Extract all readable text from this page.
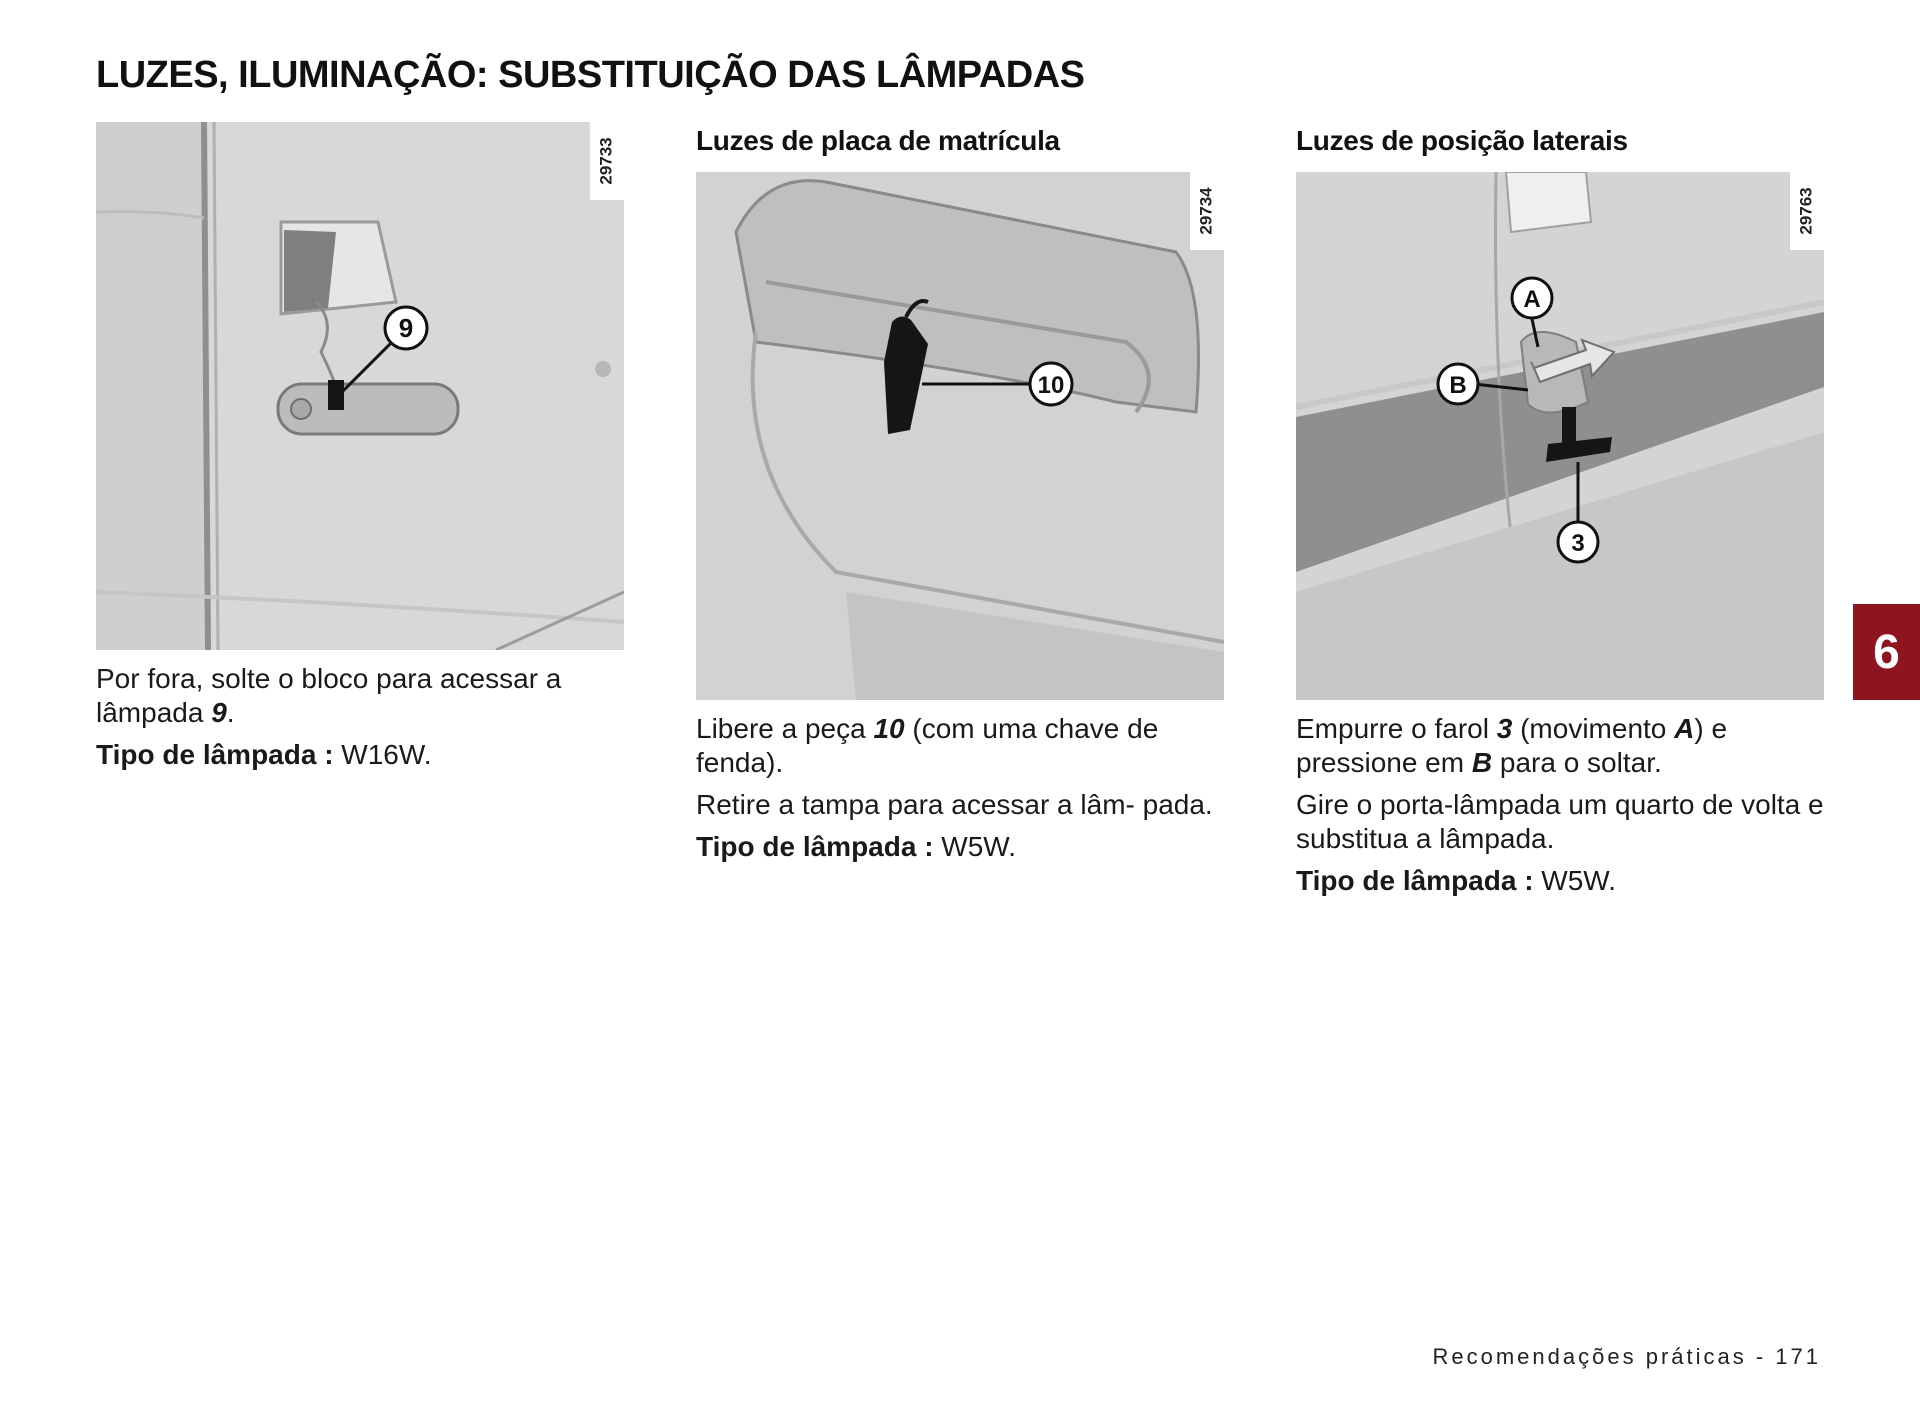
LUZES, ILUMINAÇÃO: SUBSTITUIÇÃO DAS LÂMPADAS
9
29733

Por fora, solte o bloco para acessar a lâmpada 9.

Tipo de lâmpada : W16W.

Luzes de placa de matrícula
10
29734

Libere a peça 10 (com uma chave de fenda).

Retire a tampa para acessar a lâm- pada.

Tipo de lâmpada : W5W.

Luzes de posição laterais
3
A
B
29763

Empurre o farol 3 (movimento A) e pressione em B para o soltar.

Gire o porta-lâmpada um quarto de volta e substitua a lâmpada.

Tipo de lâmpada : W5W.

6
Recomendações práticas - 171
